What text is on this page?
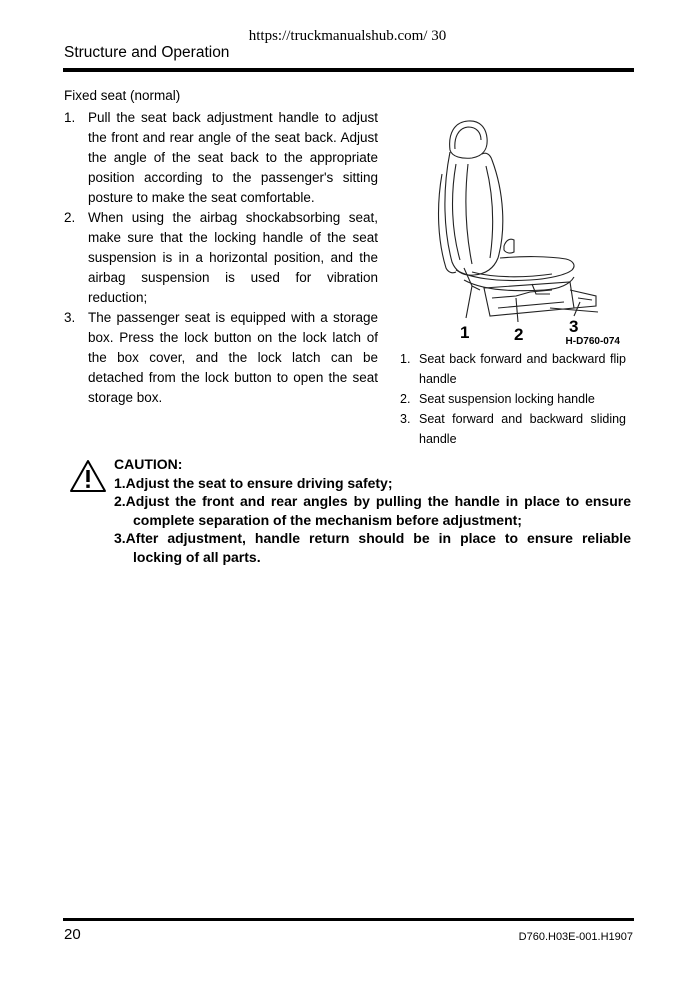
https://truckmanualshub.com/ 30
Structure and Operation
Fixed seat (normal)
1. Pull the seat back adjustment handle to adjust the front and rear angle of the seat back. Adjust the angle of the seat back to the appropriate position according to the passenger's sitting posture to make the seat comfortable.
2. When using the airbag shockabsorbing seat, make sure that the locking handle of the seat suspension is in a horizontal position, and the airbag suspension is used for vibration reduction;
3. The passenger seat is equipped with a storage box. Press the lock button on the lock latch of the box cover, and the lock latch can be detached from the lock button to open the seat storage box.
1	2	3
H-D760-074
1. Seat back forward and backward flip handle
2. Seat suspension locking handle
3. Seat forward and backward sliding handle
CAUTION:
1.Adjust the seat to ensure driving safety;
2.Adjust the front and rear angles by pulling the handle in place to ensure complete separation of the mechanism before adjustment;
3.After adjustment, handle return should be in place to ensure reliable locking of all parts.
20	D760.H03E-001.H1907
